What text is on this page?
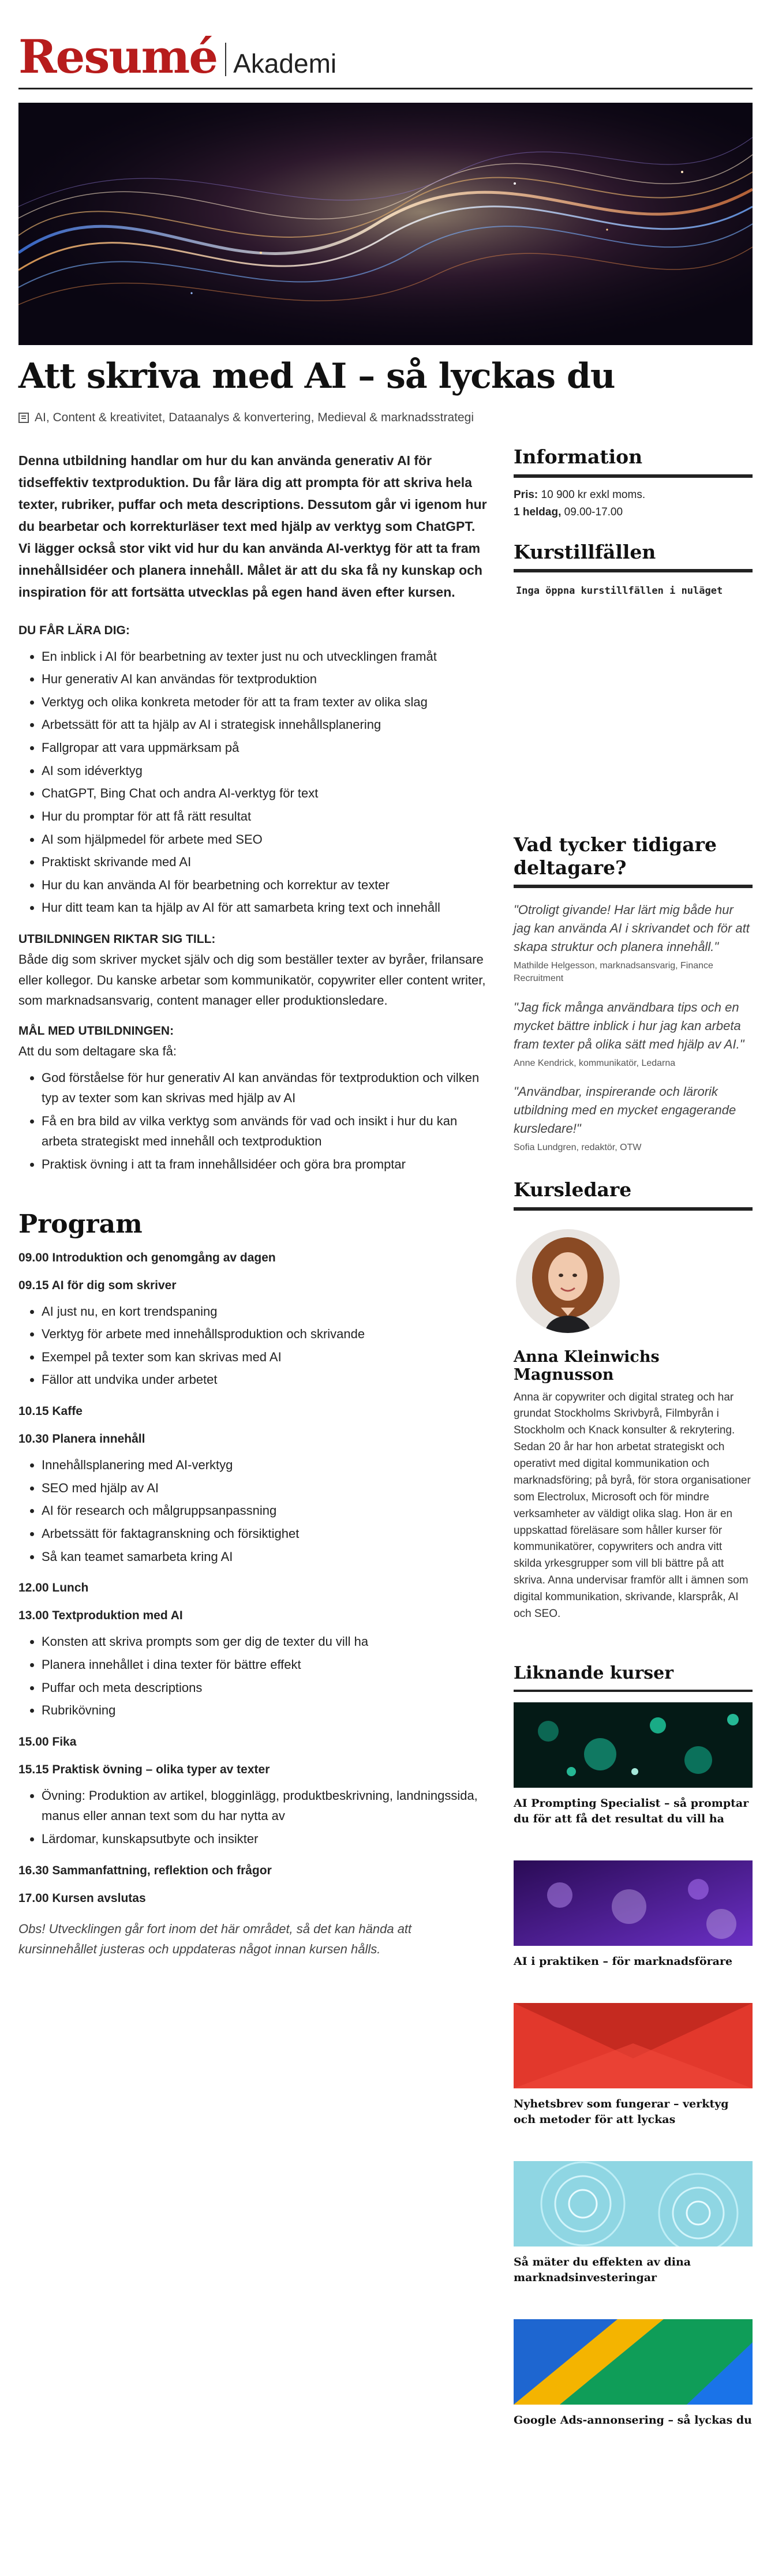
Resumé Akademi
Att skriva med AI – så lyckas du
AI, Content & kreativitet, Dataanalys & konvertering, Medieval & marknadsstrategi

Denna utbildning handlar om hur du kan använda generativ AI för tidseffektiv textproduktion. Du får lära dig att prompta för att skriva hela texter, rubriker, puffar och meta descriptions. Dessutom går vi igenom hur du bearbetar och korrekturläser text med hjälp av verktyg som ChatGPT. Vi lägger också stor vikt vid hur du kan använda AI-verktyg för att ta fram innehållsidéer och planera innehåll. Målet är att du ska få ny kunskap och inspiration för att fortsätta utvecklas på egen hand även efter kursen.

DU FÅR LÄRA DIG:

• En inblick i AI för bearbetning av texter just nu och utvecklingen framåt
• Hur generativ AI kan användas för textproduktion
• Verktyg och olika konkreta metoder för att ta fram texter av olika slag
• Arbetssätt för att ta hjälp av AI i strategisk innehållsplanering
• Fallgropar att vara uppmärksam på
• AI som idéverktyg
• ChatGPT, Bing Chat och andra AI-verktyg för text
• Hur du promptar för att få rätt resultat
• AI som hjälpmedel för arbete med SEO
• Praktiskt skrivande med AI
• Hur du kan använda AI för bearbetning och korrektur av texter
• Hur ditt team kan ta hjälp av AI för att samarbeta kring text och innehåll

UTBILDNINGEN RIKTAR SIG TILL:

Både dig som skriver mycket själv och dig som beställer texter av byråer, frilansare eller kollegor. Du kanske arbetar som kommunikatör, copywriter eller content writer, som marknadsansvarig, content manager eller produktionsledare.

MÅL MED UTBILDNINGEN:

Att du som deltagare ska få:

• God förståelse för hur generativ AI kan användas för textproduktion och vilken typ av texter som kan skrivas med hjälp av AI
• Få en bra bild av vilka verktyg som används för vad och insikt i hur du kan arbeta strategiskt med innehåll och textproduktion
• Praktisk övning i att ta fram innehållsidéer och göra bra promptar
Program

09.00 Introduktion och genomgång av dagen

09.15 AI för dig som skriver

• AI just nu, en kort trendspaning
• Verktyg för arbete med innehållsproduktion och skrivande
• Exempel på texter som kan skrivas med AI
• Fällor att undvika under arbetet

10.15 Kaffe

10.30 Planera innehåll

• Innehållsplanering med AI-verktyg
• SEO med hjälp av AI
• AI för research och målgruppsanpassning
• Arbetssätt för faktagranskning och försiktighet
• Så kan teamet samarbeta kring AI

12.00 Lunch

13.00 Textproduktion med AI

• Konsten att skriva prompts som ger dig de texter du vill ha
• Planera innehållet i dina texter för bättre effekt
• Puffar och meta descriptions
• Rubrikövning

15.00 Fika

15.15 Praktisk övning – olika typer av texter

• Övning: Produktion av artikel, blogginlägg, produktbeskrivning, landningssida, manus eller annan text som du har nytta av
• Lärdomar, kunskapsutbyte och insikter

16.30 Sammanfattning, reflektion och frågor

17.00 Kursen avslutas

Obs! Utvecklingen går fort inom det här området, så det kan hända att kursinnehållet justeras och uppdateras något innan kursen hålls.

Information

Pris: 10 900 kr exkl moms.

1 heldag, 09.00-17.00

Kurstillfällen

Inga öppna kurstillfällen i nuläget

Vad tycker tidigare deltagare?

"Otroligt givande! Har lärt mig både hur jag kan använda AI i skrivandet och för att skapa struktur och planera innehåll."

Mathilde Helgesson, marknadsansvarig, Finance Recruitment

"Jag fick många användbara tips och en mycket bättre inblick i hur jag kan arbeta fram texter på olika sätt med hjälp av AI."

Anne Kendrick, kommunikatör, Ledarna

"Användbar, inspirerande och lärorik utbildning med en mycket engagerande kursledare!"

Sofia Lundgren, redaktör, OTW

Kursledare

Anna Kleinwichs Magnusson

Anna är copywriter och digital strateg och har grundat Stockholms Skrivbyrå, Filmbyrån i Stockholm och Knack konsulter & rekrytering. Sedan 20 år har hon arbetat strategiskt och operativt med digital kommunikation och marknadsföring; på byrå, för stora organisationer som Electrolux, Microsoft och för mindre verksamheter av väldigt olika slag. Hon är en uppskattad föreläsare som håller kurser för kommunikatörer, copywriters och andra vitt skilda yrkesgrupper som vill bli bättre på att skriva. Anna undervisar framför allt i ämnen som digital kommunikation, skrivande, klarspråk, AI och SEO.

Liknande kurser

AI Prompting Specialist – så promptar du för att få det resultat du vill ha

AI i praktiken – för marknadsförare

Nyhetsbrev som fungerar – verktyg och metoder för att lyckas

Så mäter du effekten av dina marknadsinvesteringar

Google Ads-annonsering – så lyckas du
